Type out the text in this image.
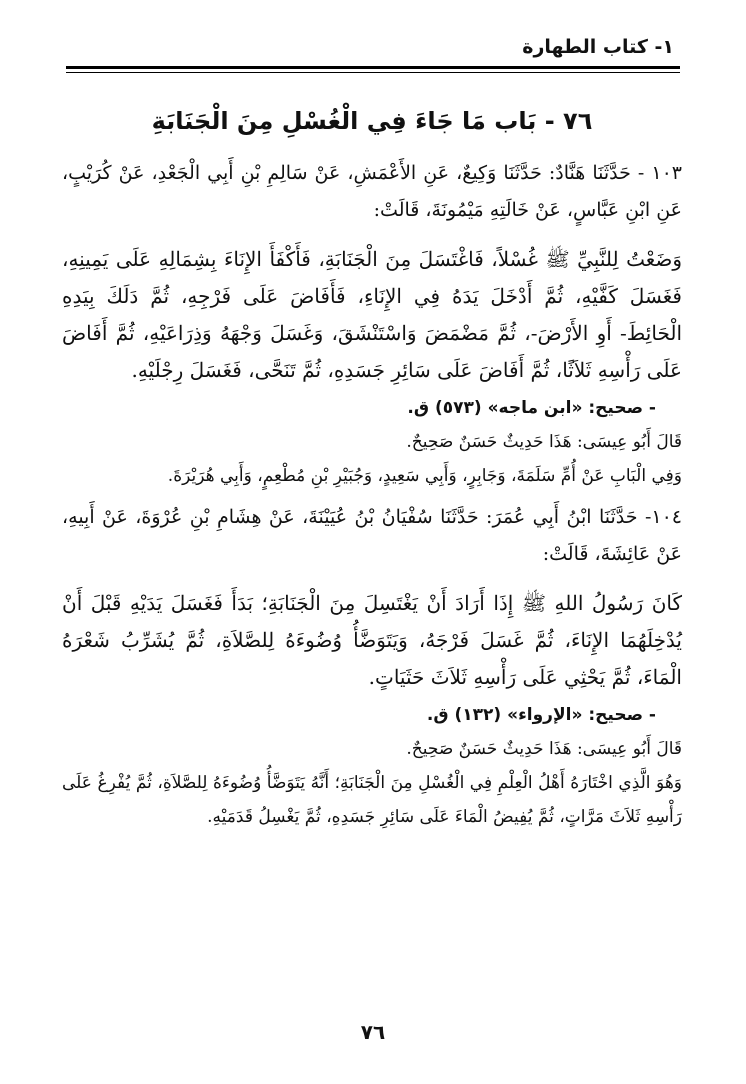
١- كتاب الطهارة
٧٦ - بَاب مَا جَاءَ فِي الْغُسْلِ مِنَ الْجَنَابَةِ

١٠٣ - حَدَّثَنَا هَنَّادٌ: حَدَّثَنَا وَكِيعٌ، عَنِ الأَعْمَشِ، عَنْ سَالِمِ بْنِ أَبِي الْجَعْدِ، عَنْ كُرَيْبٍ، عَنِ ابْنِ عَبَّاسٍ، عَنْ خَالَتِهِ مَيْمُونَةَ، قَالَتْ:

وَضَعْتُ لِلنَّبِيِّ ﷺ غُسْلاً، فَاغْتَسَلَ مِنَ الْجَنَابَةِ، فَأَكْفَأَ الإِنَاءَ بِشِمَالِهِ عَلَى يَمِينِهِ، فَغَسَلَ كَفَّيْهِ، ثُمَّ أَدْخَلَ يَدَهُ فِي الإِنَاءِ، فَأَفَاضَ عَلَى فَرْجِهِ، ثُمَّ دَلَكَ بِيَدِهِ الْحَائِطَ- أَوِ الأَرْضَ-، ثُمَّ مَضْمَضَ وَاسْتَنْشَقَ، وَغَسَلَ وَجْهَهُ وَذِرَاعَيْهِ، ثُمَّ أَفَاضَ عَلَى رَأْسِهِ ثَلاَثًا، ثُمَّ أَفَاضَ عَلَى سَائِرِ جَسَدِهِ، ثُمَّ تَنَحَّى، فَغَسَلَ رِجْلَيْهِ.

- صحيح: «ابن ماجه» (٥٧٣) ق.

قَالَ أَبُو عِيسَى: هَذَا حَدِيثٌ حَسَنٌ صَحِيحٌ.

وَفِي الْبَابِ عَنْ أُمِّ سَلَمَةَ، وَجَابِرٍ، وَأَبِي سَعِيدٍ، وَجُبَيْرِ بْنِ مُطْعِمٍ، وَأَبِي هُرَيْرَةَ.

١٠٤- حَدَّثَنَا ابْنُ أَبِي عُمَرَ: حَدَّثَنَا سُفْيَانُ بْنُ عُيَيْنَةَ، عَنْ هِشَامِ بْنِ عُرْوَةَ، عَنْ أَبِيهِ، عَنْ عَائِشَةَ، قَالَتْ:

كَانَ رَسُولُ اللهِ ﷺ إِذَا أَرَادَ أَنْ يَغْتَسِلَ مِنَ الْجَنَابَةِ؛ بَدَأَ فَغَسَلَ يَدَيْهِ قَبْلَ أَنْ يُدْخِلَهُمَا الإِنَاءَ، ثُمَّ غَسَلَ فَرْجَهُ، وَيَتَوَضَّأُ وُضُوءَهُ لِلصَّلاَةِ، ثُمَّ يُشَرِّبُ شَعْرَهُ الْمَاءَ، ثُمَّ يَحْثِي عَلَى رَأْسِهِ ثَلاَثَ حَثَيَاتٍ.

- صحيح: «الإرواء» (١٣٢) ق.

قَالَ أَبُو عِيسَى: هَذَا حَدِيثٌ حَسَنٌ صَحِيحٌ.

وَهُوَ الَّذِي اخْتَارَهُ أَهْلُ الْعِلْمِ فِي الْغُسْلِ مِنَ الْجَنَابَةِ؛ أَنَّهُ يَتَوَضَّأُ وُضُوءَهُ لِلصَّلاَةِ، ثُمَّ يُفْرِغُ عَلَى رَأْسِهِ ثَلاَثَ مَرَّاتٍ، ثُمَّ يُفِيضُ الْمَاءَ عَلَى سَائِرِ جَسَدِهِ، ثُمَّ يَغْسِلُ قَدَمَيْهِ.

٧٦
